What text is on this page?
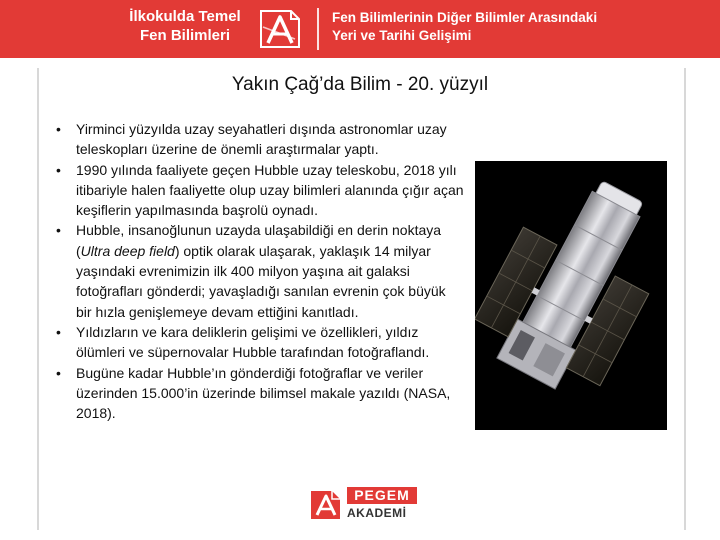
İlkokulda Temel
Fen Bilimleri
Fen Bilimlerinin Diğer Bilimler Arasındaki
Yeri ve Tarihi Gelişimi
Yakın Çağ’da Bilim - 20. yüzyıl
• Yirminci yüzyılda uzay seyahatleri dışında astronomlar uzay teleskopları üzerine de önemli araştırmalar yaptı.
• 1990 yılında faaliyete geçen Hubble uzay teleskobu, 2018 yılı itibariyle halen faaliyette olup uzay bilimleri alanında çığır açan keşiflerin yapılmasında başrolü oynadı.
• Hubble, insanoğlunun uzayda ulaşabildiği en derin noktaya (Ultra deep field) optik olarak ulaşarak, yaklaşık 14 milyar yaşındaki evrenimizin ilk 400 milyon yaşına ait galaksi fotoğrafları gönderdi; yavaşladığı sanılan evrenin çok büyük bir hızla genişlemeye devam ettiğini kanıtladı.
• Yıldızların ve kara deliklerin gelişimi ve özellikleri, yıldız ölümleri ve süpernovalar Hubble tarafından fotoğraflandı.
• Bugüne kadar Hubble’ın gönderdiği fotoğraflar ve veriler üzerinden 15.000’in üzerinde bilimsel makale yazıldı (NASA, 2018).
PEGEM
AKADEMİ
